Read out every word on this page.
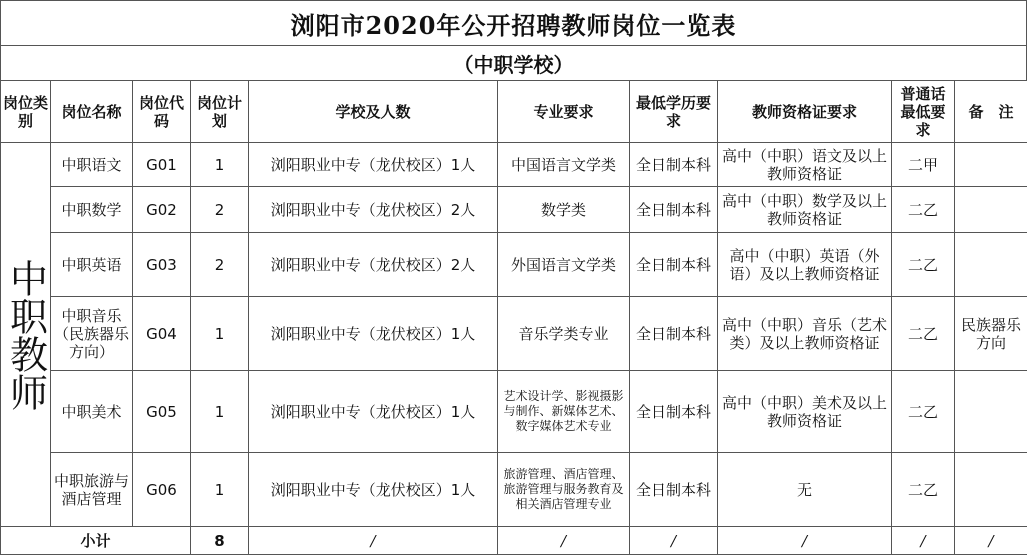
浏阳市2020年公开招聘教师岗位一览表
（中职学校）
岗位类别	岗位名称	岗位代码	岗位计划	学校及人数	专业要求	最低学历要求	教师资格证要求	普通话最低要求	备　注
中职教师	中职语文	G01	1	浏阳职业中专（龙伏校区）1人	中国语言文学类	全日制本科	高中（中职）语文及以上教师资格证	二甲	
	中职数学	G02	2	浏阳职业中专（龙伏校区）2人	数学类	全日制本科	高中（中职）数学及以上教师资格证	二乙	
	中职英语	G03	2	浏阳职业中专（龙伏校区）2人	外国语言文学类	全日制本科	高中（中职）英语（外语）及以上教师资格证	二乙	
	中职音乐（民族器乐方向）	G04	1	浏阳职业中专（龙伏校区）1人	音乐学类专业	全日制本科	高中（中职）音乐（艺术类）及以上教师资格证	二乙	民族器乐方向
	中职美术	G05	1	浏阳职业中专（龙伏校区）1人	艺术设计学、影视摄影与制作、新媒体艺术、数字媒体艺术专业	全日制本科	高中（中职）美术及以上教师资格证	二乙	
	中职旅游与酒店管理	G06	1	浏阳职业中专（龙伏校区）1人	旅游管理、酒店管理、旅游管理与服务教育及相关酒店管理专业	全日制本科	无	二乙	
小计			8	/	/	/	/	/	/
